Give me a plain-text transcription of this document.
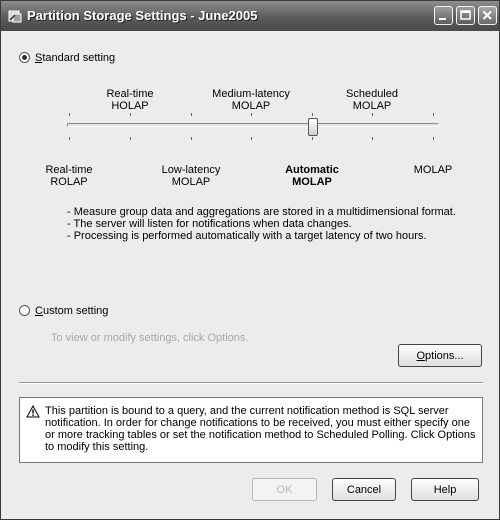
Partition Storage Settings - June2005
Standard setting
Real-time
HOLAP
Medium-latency
MOLAP
Scheduled
MOLAP
Real-time
ROLAP
Low-latency
MOLAP
Automatic
MOLAP
MOLAP
- Measure group data and aggregations are stored in a multidimensional format.
- The server will listen for notifications when data changes.
- Processing is performed automatically with a target latency of two hours.
Custom setting
To view or modify settings, click Options.
Options...
This partition is bound to a query, and the current notification method is SQL server notification. In order for change notifications to be received, you must either specify one or more tracking tables or set the notification method to Scheduled Polling. Click Options to modify this setting.
OK	Cancel	Help
